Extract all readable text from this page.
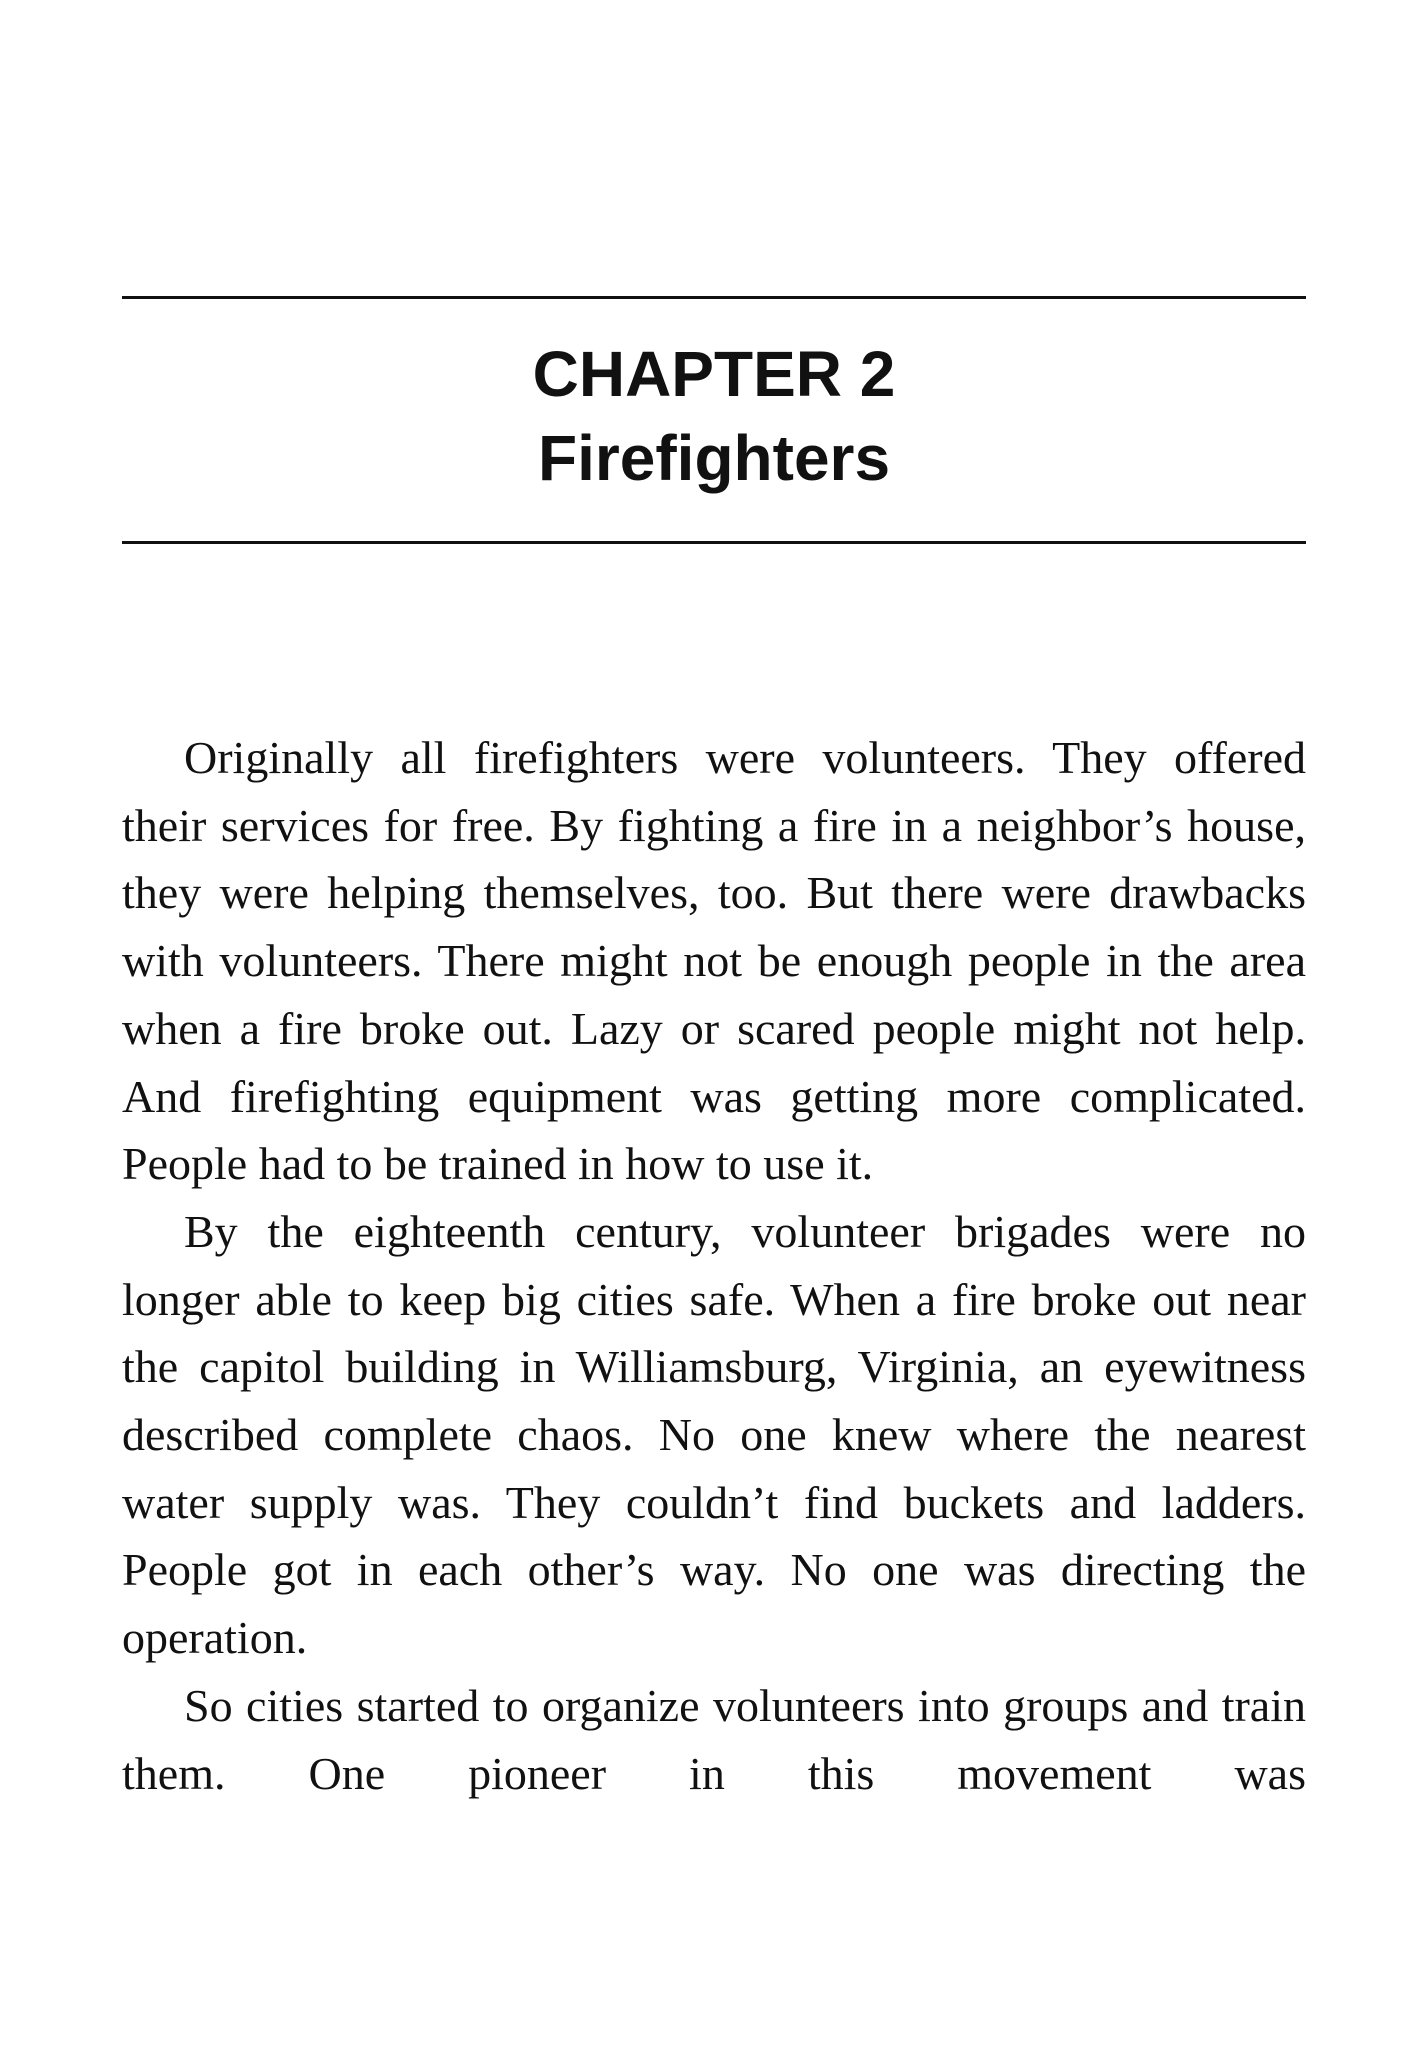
CHAPTER 2
Firefighters

Originally all firefighters were volunteers. They offered their services for free. By fighting a fire in a neighbor’s house, they were helping themselves, too. But there were drawbacks with volunteers. There might not be enough people in the area when a fire broke out. Lazy or scared people might not help. And firefighting equipment was getting more complicated. People had to be trained in how to use it.

By the eighteenth century, volunteer brigades were no longer able to keep big cities safe. When a fire broke out near the capitol building in Williamsburg, Virginia, an eyewitness described complete chaos. No one knew where the nearest water supply was. They couldn’t find buckets and ladders. People got in each other’s way. No one was directing the operation.

So cities started to organize volunteers into groups and train them. One pioneer in this movement was
